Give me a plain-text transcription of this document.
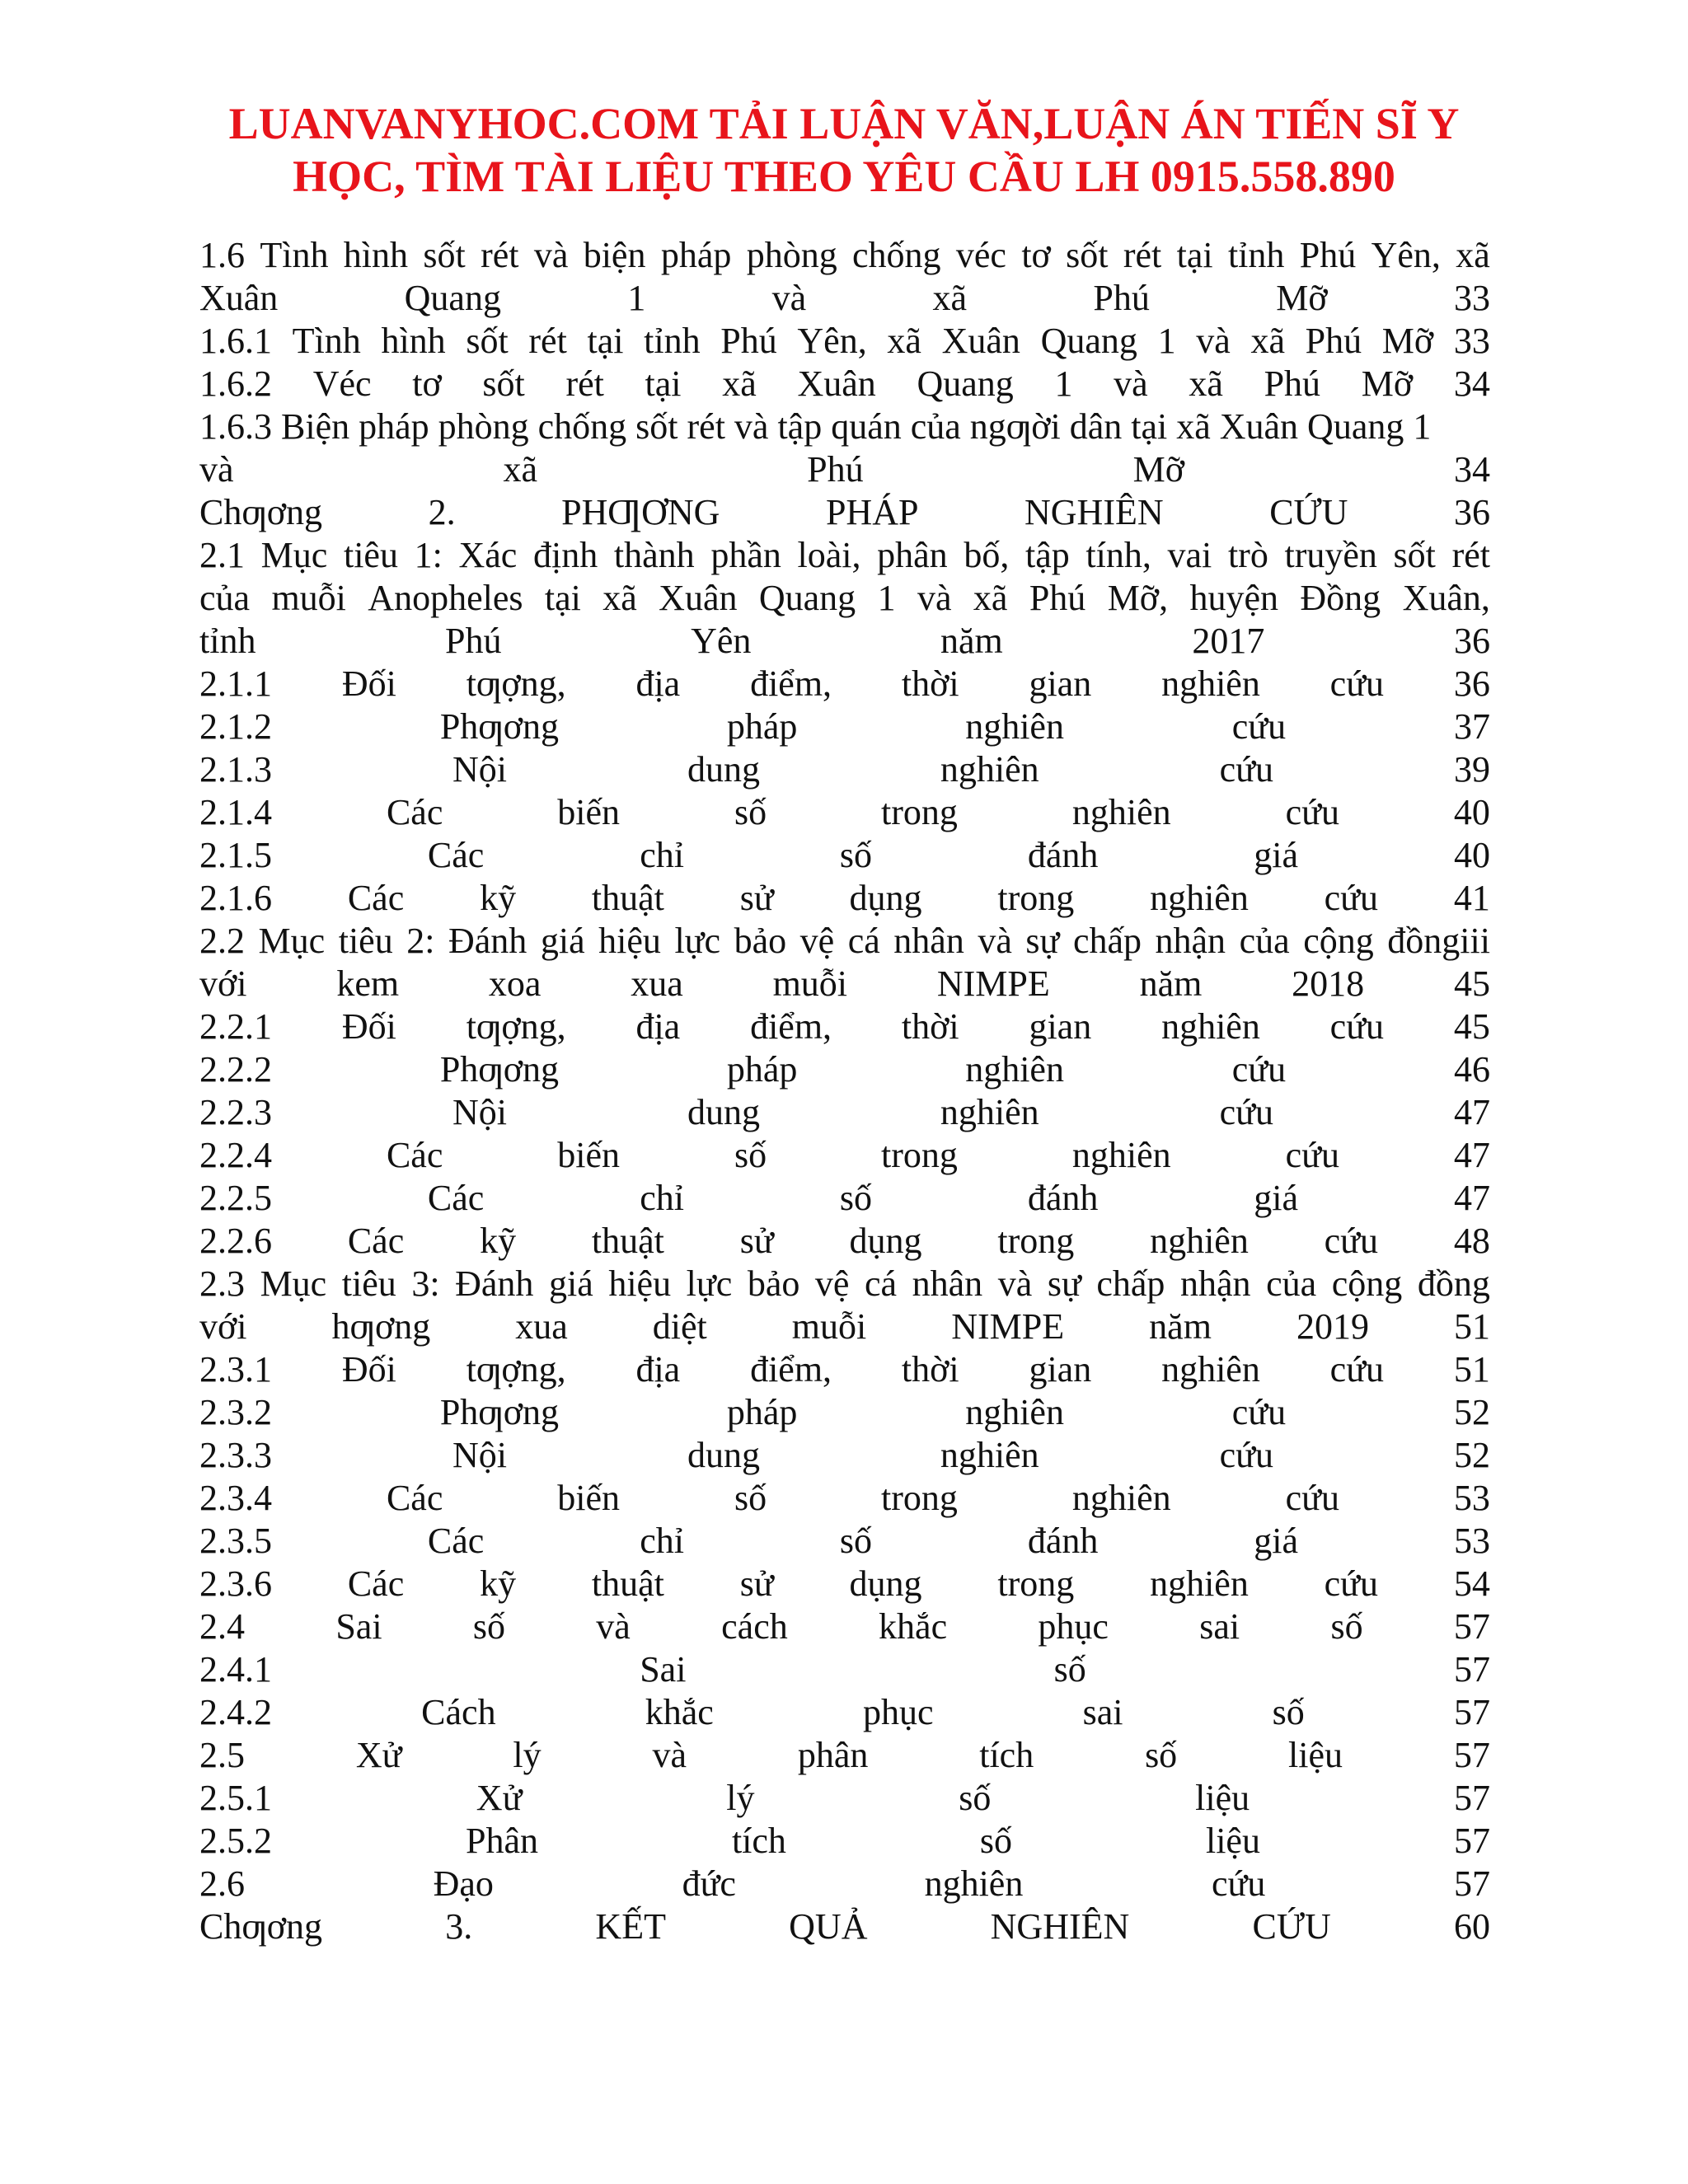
LUANVANYHOC.COM TẢI LUẬN VĂN,LUẬN ÁN TIẾN SĨ Y
HỌC, TÌM TÀI LIỆU THEO YÊU CẦU LH 0915.558.890
1.6 Tình hình sốt rét và biện pháp phòng chống véc tơ sốt rét tại tỉnh Phú Yên, xã
Xuân	Quang	1	và	xã	Phú	Mỡ	33
1.6.1 Tình hình sốt rét tại tỉnh Phú Yên, xã Xuân Quang 1 và xã Phú Mỡ 33
1.6.2 Véc tơ sốt rét tại xã Xuân Quang 1 và xã Phú Mỡ 34
1.6.3 Biện pháp phòng chống sốt rét và tập quán của ngƣời dân tại xã Xuân Quang 1
và	xã	Phú	Mỡ	34
Chƣơng	2.	PHƢƠNG	PHÁP	NGHIÊN	CỨU	36
2.1 Mục tiêu 1: Xác định thành phần loài, phân bố, tập tính, vai trò truyền sốt rét
của muỗi Anopheles tại xã Xuân Quang 1 và xã Phú Mỡ, huyện Đồng Xuân,
tỉnh	Phú	Yên	năm	2017	36
2.1.1 Đối tƣợng, địa điểm, thời gian nghiên cứu 36
2.1.2	Phƣơng	pháp	nghiên	cứu	37
2.1.3	Nội	dung	nghiên	cứu	39
2.1.4	Các	biến	số	trong	nghiên	cứu	40
2.1.5	Các	chỉ	số	đánh	giá	40
2.1.6 Các kỹ thuật sử dụng trong nghiên cứu 41
2.2 Mục tiêu 2: Đánh giá hiệu lực bảo vệ cá nhân và sự chấp nhận của cộng đồngiii
với kem xoa xua muỗi NIMPE năm 2018 45
2.2.1 Đối tƣợng, địa điểm, thời gian nghiên cứu 45
2.2.2	Phƣơng	pháp	nghiên	cứu	46
2.2.3	Nội	dung	nghiên	cứu	47
2.2.4	Các	biến	số	trong	nghiên	cứu	47
2.2.5	Các	chỉ	số	đánh	giá	47
2.2.6 Các kỹ thuật sử dụng trong nghiên cứu 48
2.3 Mục tiêu 3: Đánh giá hiệu lực bảo vệ cá nhân và sự chấp nhận của cộng đồng
với hƣơng xua diệt muỗi NIMPE năm 2019 51
2.3.1 Đối tƣợng, địa điểm, thời gian nghiên cứu 51
2.3.2	Phƣơng	pháp	nghiên	cứu	52
2.3.3	Nội	dung	nghiên	cứu	52
2.3.4	Các	biến	số	trong	nghiên	cứu	53
2.3.5	Các	chỉ	số	đánh	giá	53
2.3.6 Các kỹ thuật sử dụng trong nghiên cứu 54
2.4	Sai	số	và	cách	khắc	phục	sai	số	57
2.4.1	Sai	số	57
2.4.2	Cách	khắc	phục	sai	số	57
2.5	Xử	lý	và	phân	tích	số	liệu	57
2.5.1	Xử	lý	số	liệu	57
2.5.2	Phân	tích	số	liệu	57
2.6	Đạo	đức	nghiên	cứu	57
Chƣơng	3.	KẾT	QUẢ	NGHIÊN	CỨU	60
